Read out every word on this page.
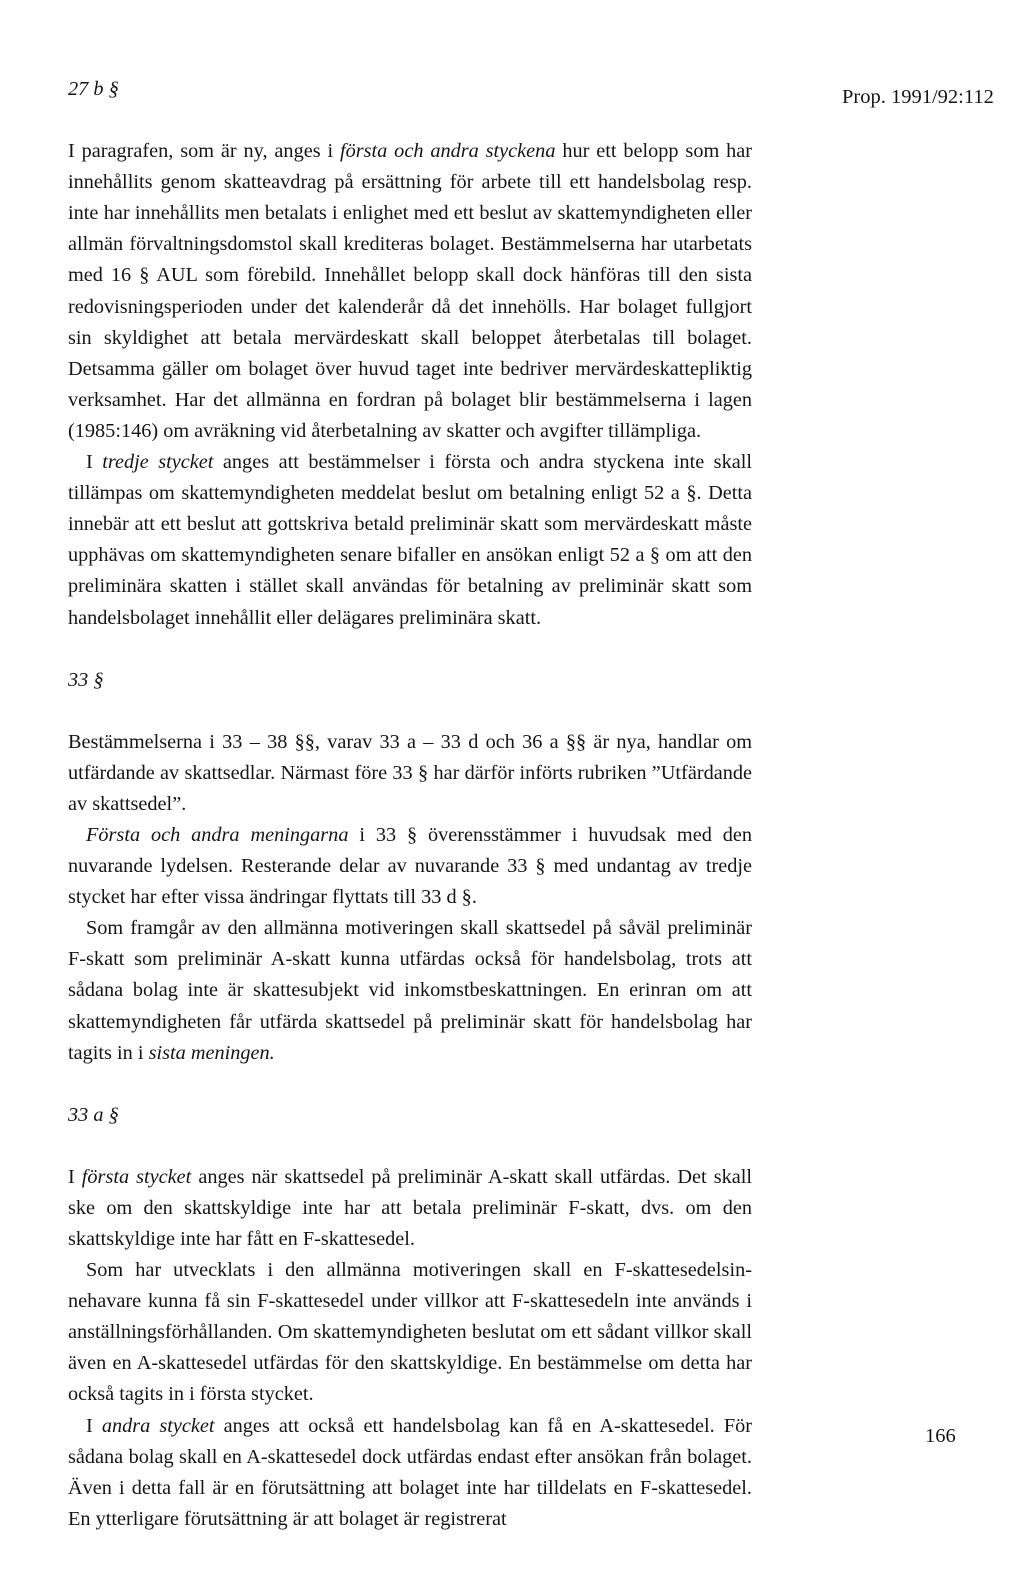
Prop. 1991/92:112
27 b §

I paragrafen, som är ny, anges i första och andra styckena hur ett belopp som har innehållits genom skatteavdrag på ersättning för arbete till ett handelsbolag resp. inte har innehållits men betalats i enlighet med ett beslut av skattemyndigheten eller allmän förvaltningsdomstol skall krediteras bolaget. Bestämmelserna har utarbetats med 16 § AUL som förebild. Innehållet belopp skall dock hänföras till den sista redovisningsperioden under det kalenderår då det innehölls. Har bolaget fullgjort sin skyldighet att betala mervärdeskatt skall beloppet återbetalas till bolaget. Detsamma gäller om bolaget över huvud taget inte bedriver mervärdeskattepliktig verksamhet. Har det allmänna en fordran på bolaget blir bestämmelserna i lagen (1985:146) om avräkning vid återbetalning av skatter och avgifter tillämpliga.

I tredje stycket anges att bestämmelser i första och andra styckena inte skall tillämpas om skattemyndigheten meddelat beslut om betalning enligt 52 a §. Detta innebär att ett beslut att gottskriva betald preliminär skatt som mervärdeskatt måste upphävas om skattemyndigheten senare bifaller en ansökan enligt 52 a § om att den preliminära skatten i stället skall användas för betalning av preliminär skatt som handelsbolaget innehållit eller delägares preliminära skatt.

33 §

Bestämmelserna i 33 – 38 §§, varav 33 a – 33 d och 36 a §§ är nya, handlar om utfärdande av skattsedlar. Närmast före 33 § har därför införts rubriken ”Utfärdande av skattsedel”.

Första och andra meningarna i 33 § överensstämmer i huvudsak med den nuvarande lydelsen. Resterande delar av nuvarande 33 § med undantag av tredje stycket har efter vissa ändringar flyttats till 33 d §.

Som framgår av den allmänna motiveringen skall skattsedel på såväl preliminär F-skatt som preliminär A-skatt kunna utfärdas också för handelsbolag, trots att sådana bolag inte är skattesubjekt vid inkomstbeskattningen. En erinran om att skattemyndigheten får utfärda skattsedel på preliminär skatt för handelsbolag har tagits in i sista meningen.

33 a §

I första stycket anges när skattsedel på preliminär A-skatt skall utfärdas. Det skall ske om den skattskyldige inte har att betala preliminär F-skatt, dvs. om den skattskyldige inte har fått en F-skattesedel.

Som har utvecklats i den allmänna motiveringen skall en F-skattesedelsinnehavare kunna få sin F-skattesedel under villkor att F-skattesedeln inte används i anställningsförhållanden. Om skattemyndigheten beslutat om ett sådant villkor skall även en A-skattesedel utfärdas för den skattskyldige. En bestämmelse om detta har också tagits in i första stycket.

I andra stycket anges att också ett handelsbolag kan få en A-skattesedel. För sådana bolag skall en A-skattesedel dock utfärdas endast efter ansökan från bolaget. Även i detta fall är en förutsättning att bolaget inte har tilldelats en F-skattesedel. En ytterligare förutsättning är att bolaget är registrerat

166
